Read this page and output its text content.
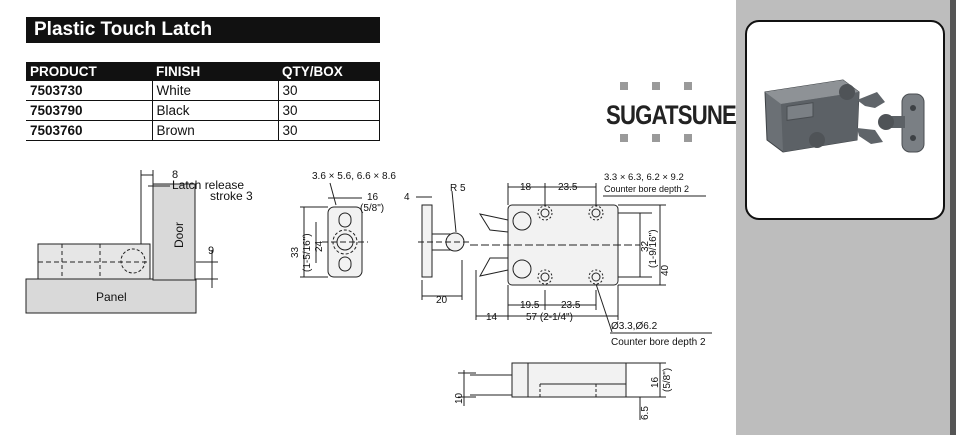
Plastic Touch Latch
PRODUCT	FINISH	QTY/BOX
7503730	White	30
7503790	Black	30
7503760	Brown	30
SUGATSUNE
8
Latch release
stroke 3
Door
9
Panel
3.6 × 5.6, 6.6 × 8.6
16
(5/8")
33 (1-5/16") 24
4
R 5
20
18	23.5
3.3 × 6.3, 6.2 × 9.2
Counter bore depth 2
32
(1-9/16")
40
19.5 23.5
14	57 (2-1/4")
Ø3.3,Ø6.2
Counter bore depth 2
10
16 (5/8")
6.5
